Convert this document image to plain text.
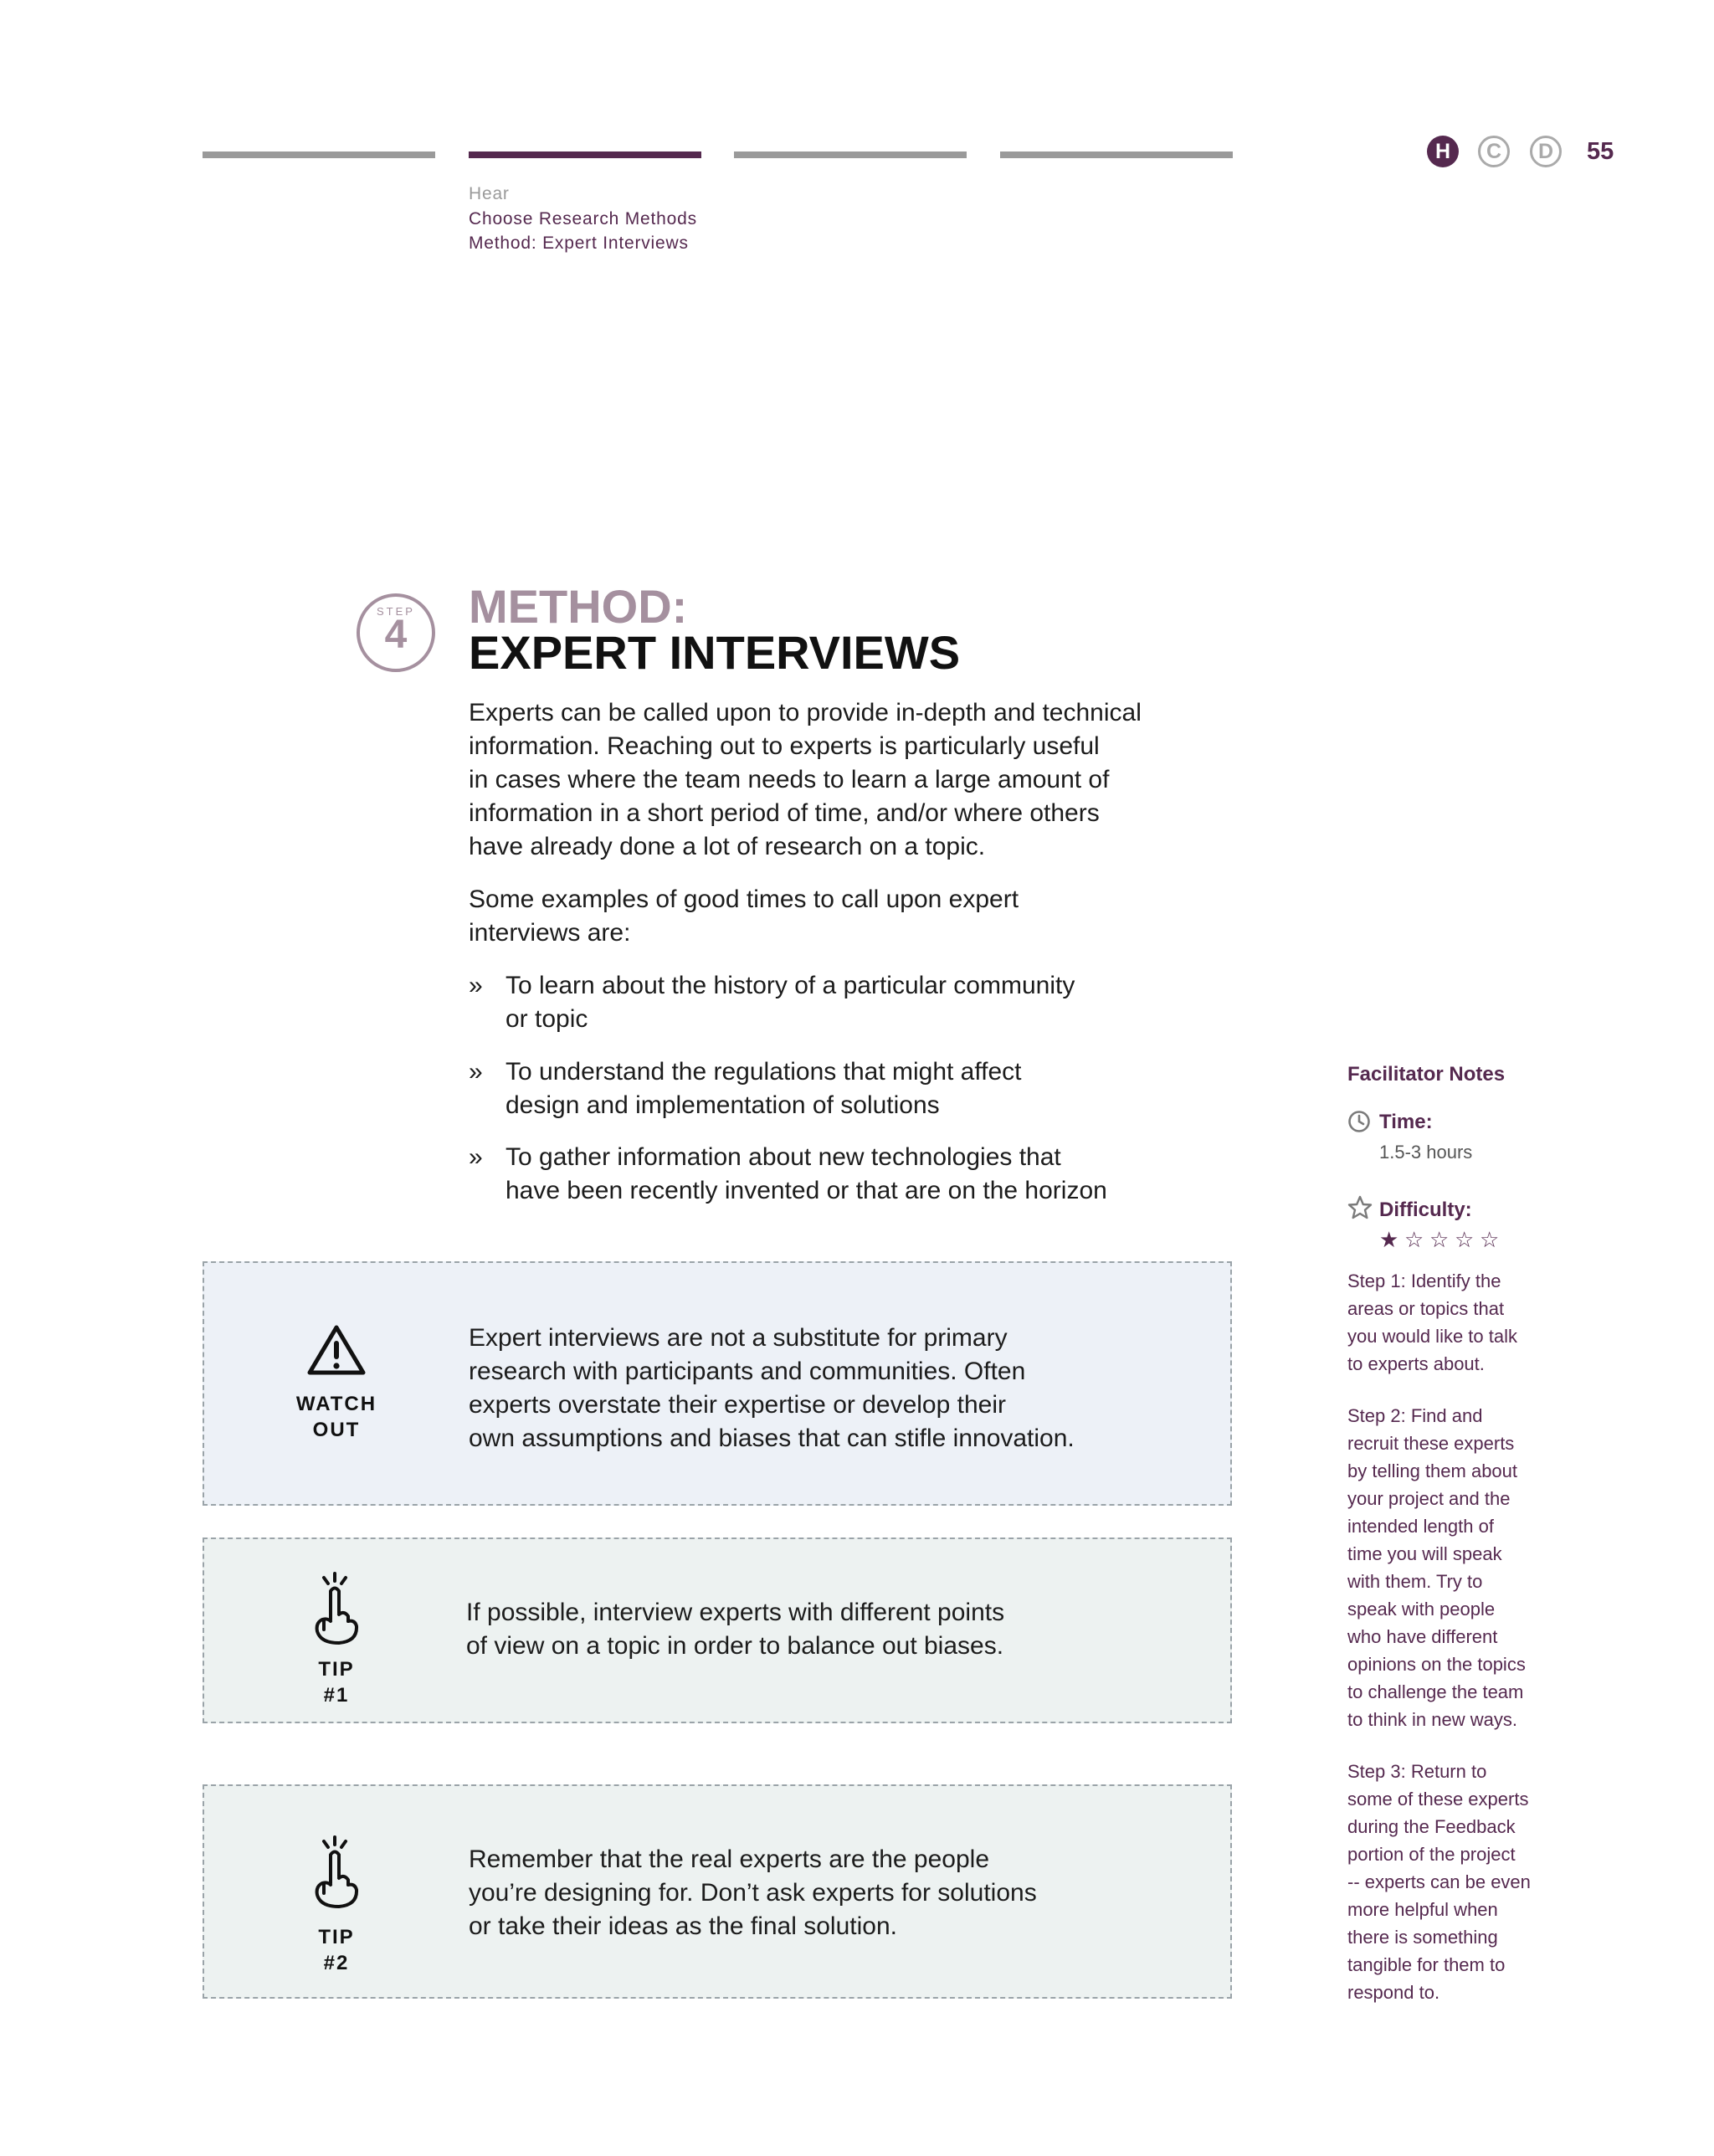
H	C	D	55
Hear
Choose Research Methods
Method: Expert Interviews
STEP
4
METHOD:
EXPERT INTERVIEWS
Experts can be called upon to provide in-depth and technical
information. Reaching out to experts is particularly useful
in cases where the team needs to learn a large amount of
information in a short period of time, and/or where others
have already done a lot of research on a topic.
Some examples of good times to call upon expert
interviews are:
» To learn about the history of a particular community
or topic
» To understand the regulations that might affect
design and implementation of solutions
» To gather information about new technologies that
have been recently invented or that are on the horizon
WATCH
OUT
Expert interviews are not a substitute for primary
research with participants and communities. Often
experts overstate their expertise or develop their
own assumptions and biases that can stifle innovation.
TIP
#1
If possible, interview experts with different points
of view on a topic in order to balance out biases.
TIP
#2
Remember that the real experts are the people
you’re designing for. Don’t ask experts for solutions
or take their ideas as the final solution.
Facilitator Notes
Time:
1.5-3 hours
Difficulty:
★ ☆ ☆ ☆ ☆

Step 1: Identify the
areas or topics that
you would like to talk
to experts about.

Step 2: Find and
recruit these experts
by telling them about
your project and the
intended length of
time you will speak
with them. Try to
speak with people
who have different
opinions on the topics
to challenge the team
to think in new ways.

Step 3: Return to
some of these experts
during the Feedback
portion of the project
-- experts can be even
more helpful when
there is something
tangible for them to
respond to.
